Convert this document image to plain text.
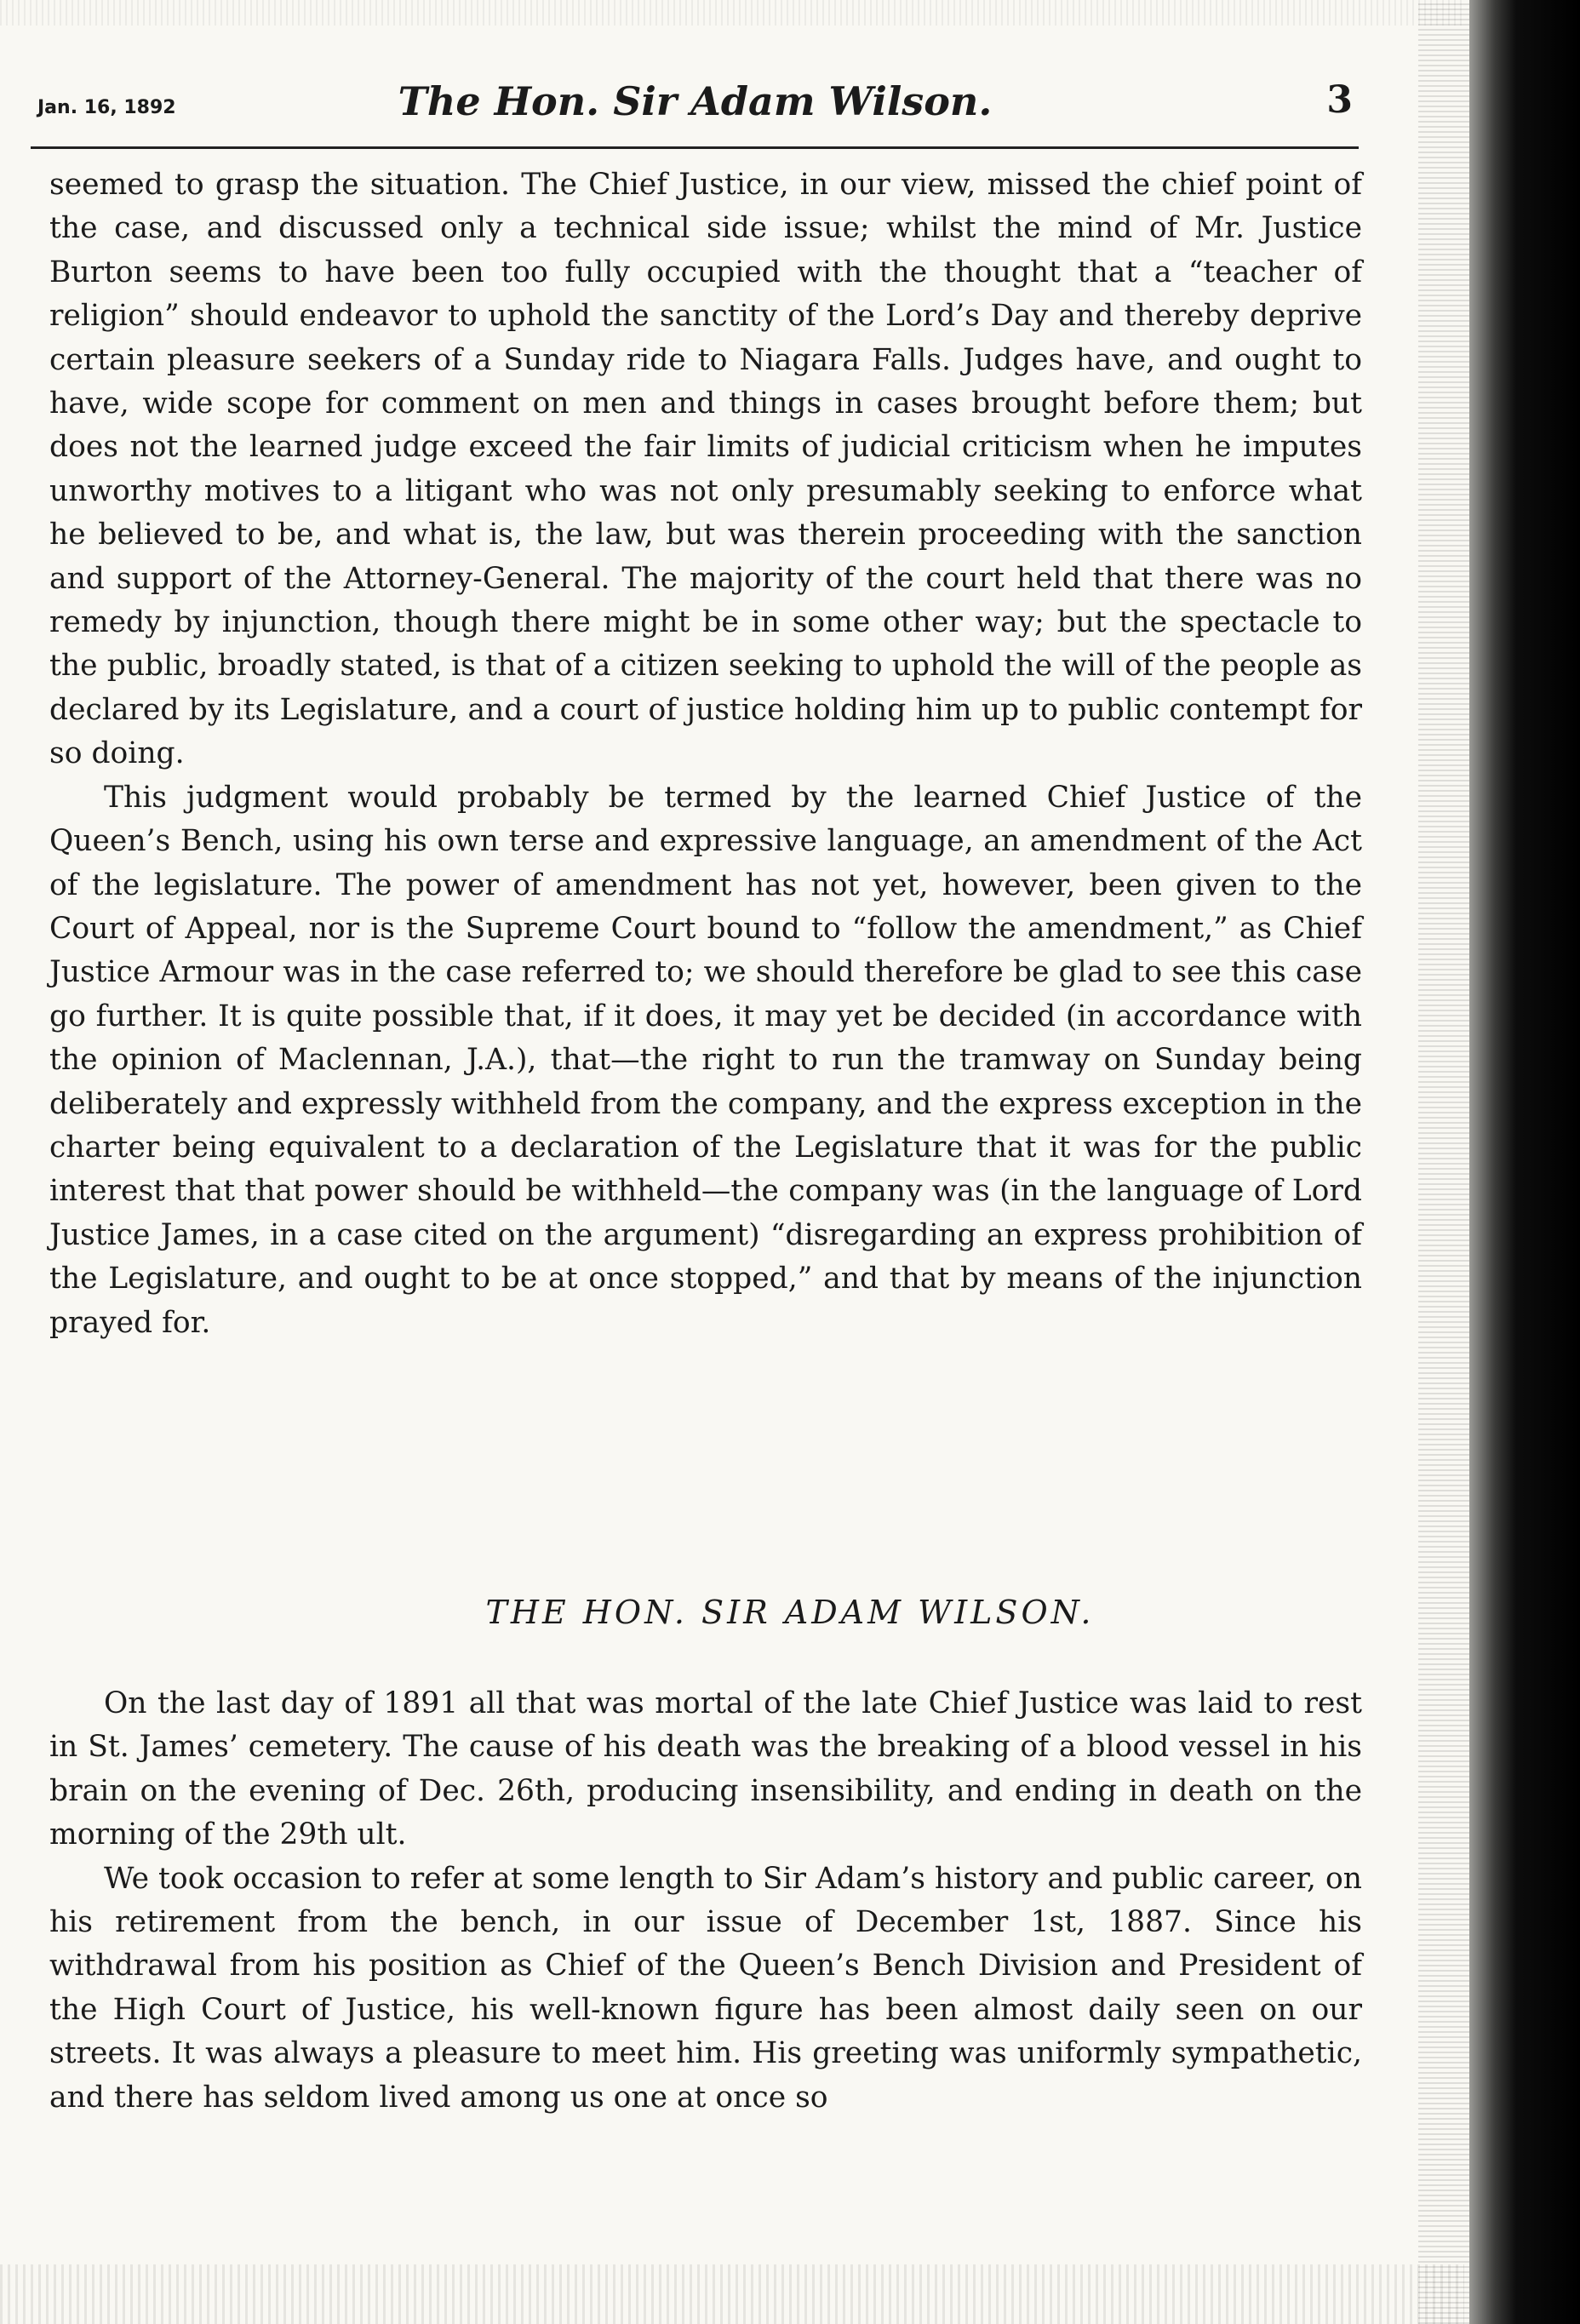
Jan. 16, 1892	The Hon. Sir Adam Wilson.	3

seemed to grasp the situation. The Chief Justice, in our view, missed the chief point of the case, and discussed only a technical side issue; whilst the mind of Mr. Justice Burton seems to have been too fully occupied with the thought that a “teacher of religion” should endeavor to uphold the sanctity of the Lord’s Day and thereby deprive certain pleasure seekers of a Sunday ride to Niagara Falls. Judges have, and ought to have, wide scope for comment on men and things in cases brought before them; but does not the learned judge exceed the fair limits of judicial criticism when he imputes unworthy motives to a litigant who was not only presumably seeking to enforce what he believed to be, and what is, the law, but was therein proceeding with the sanction and support of the Attorney-General. The majority of the court held that there was no remedy by injunction, though there might be in some other way; but the spectacle to the public, broadly stated, is that of a citizen seeking to uphold the will of the people as declared by its Legislature, and a court of justice holding him up to public contempt for so doing.

This judgment would probably be termed by the learned Chief Justice of the Queen’s Bench, using his own terse and expressive language, an amendment of the Act of the legislature. The power of amendment has not yet, however, been given to the Court of Appeal, nor is the Supreme Court bound to “follow the amendment,” as Chief Justice Armour was in the case referred to; we should therefore be glad to see this case go further. It is quite possible that, if it does, it may yet be decided (in accordance with the opinion of Maclennan, J.A.), that—the right to run the tramway on Sunday being deliberately and expressly withheld from the company, and the express exception in the charter being equivalent to a declaration of the Legislature that it was for the public interest that that power should be withheld—the company was (in the language of Lord Justice James, in a case cited on the argument) “disregarding an express prohibition of the Legislature, and ought to be at once stopped,” and that by means of the injunction prayed for.

THE HON. SIR ADAM WILSON.

On the last day of 1891 all that was mortal of the late Chief Justice was laid to rest in St. James’ cemetery. The cause of his death was the breaking of a blood vessel in his brain on the evening of Dec. 26th, producing insensibility, and ending in death on the morning of the 29th ult.

We took occasion to refer at some length to Sir Adam’s history and public career, on his retirement from the bench, in our issue of December 1st, 1887. Since his withdrawal from his position as Chief of the Queen’s Bench Division and President of the High Court of Justice, his well-known figure has been almost daily seen on our streets. It was always a pleasure to meet him. His greeting was uniformly sympathetic, and there has seldom lived among us one at once so
